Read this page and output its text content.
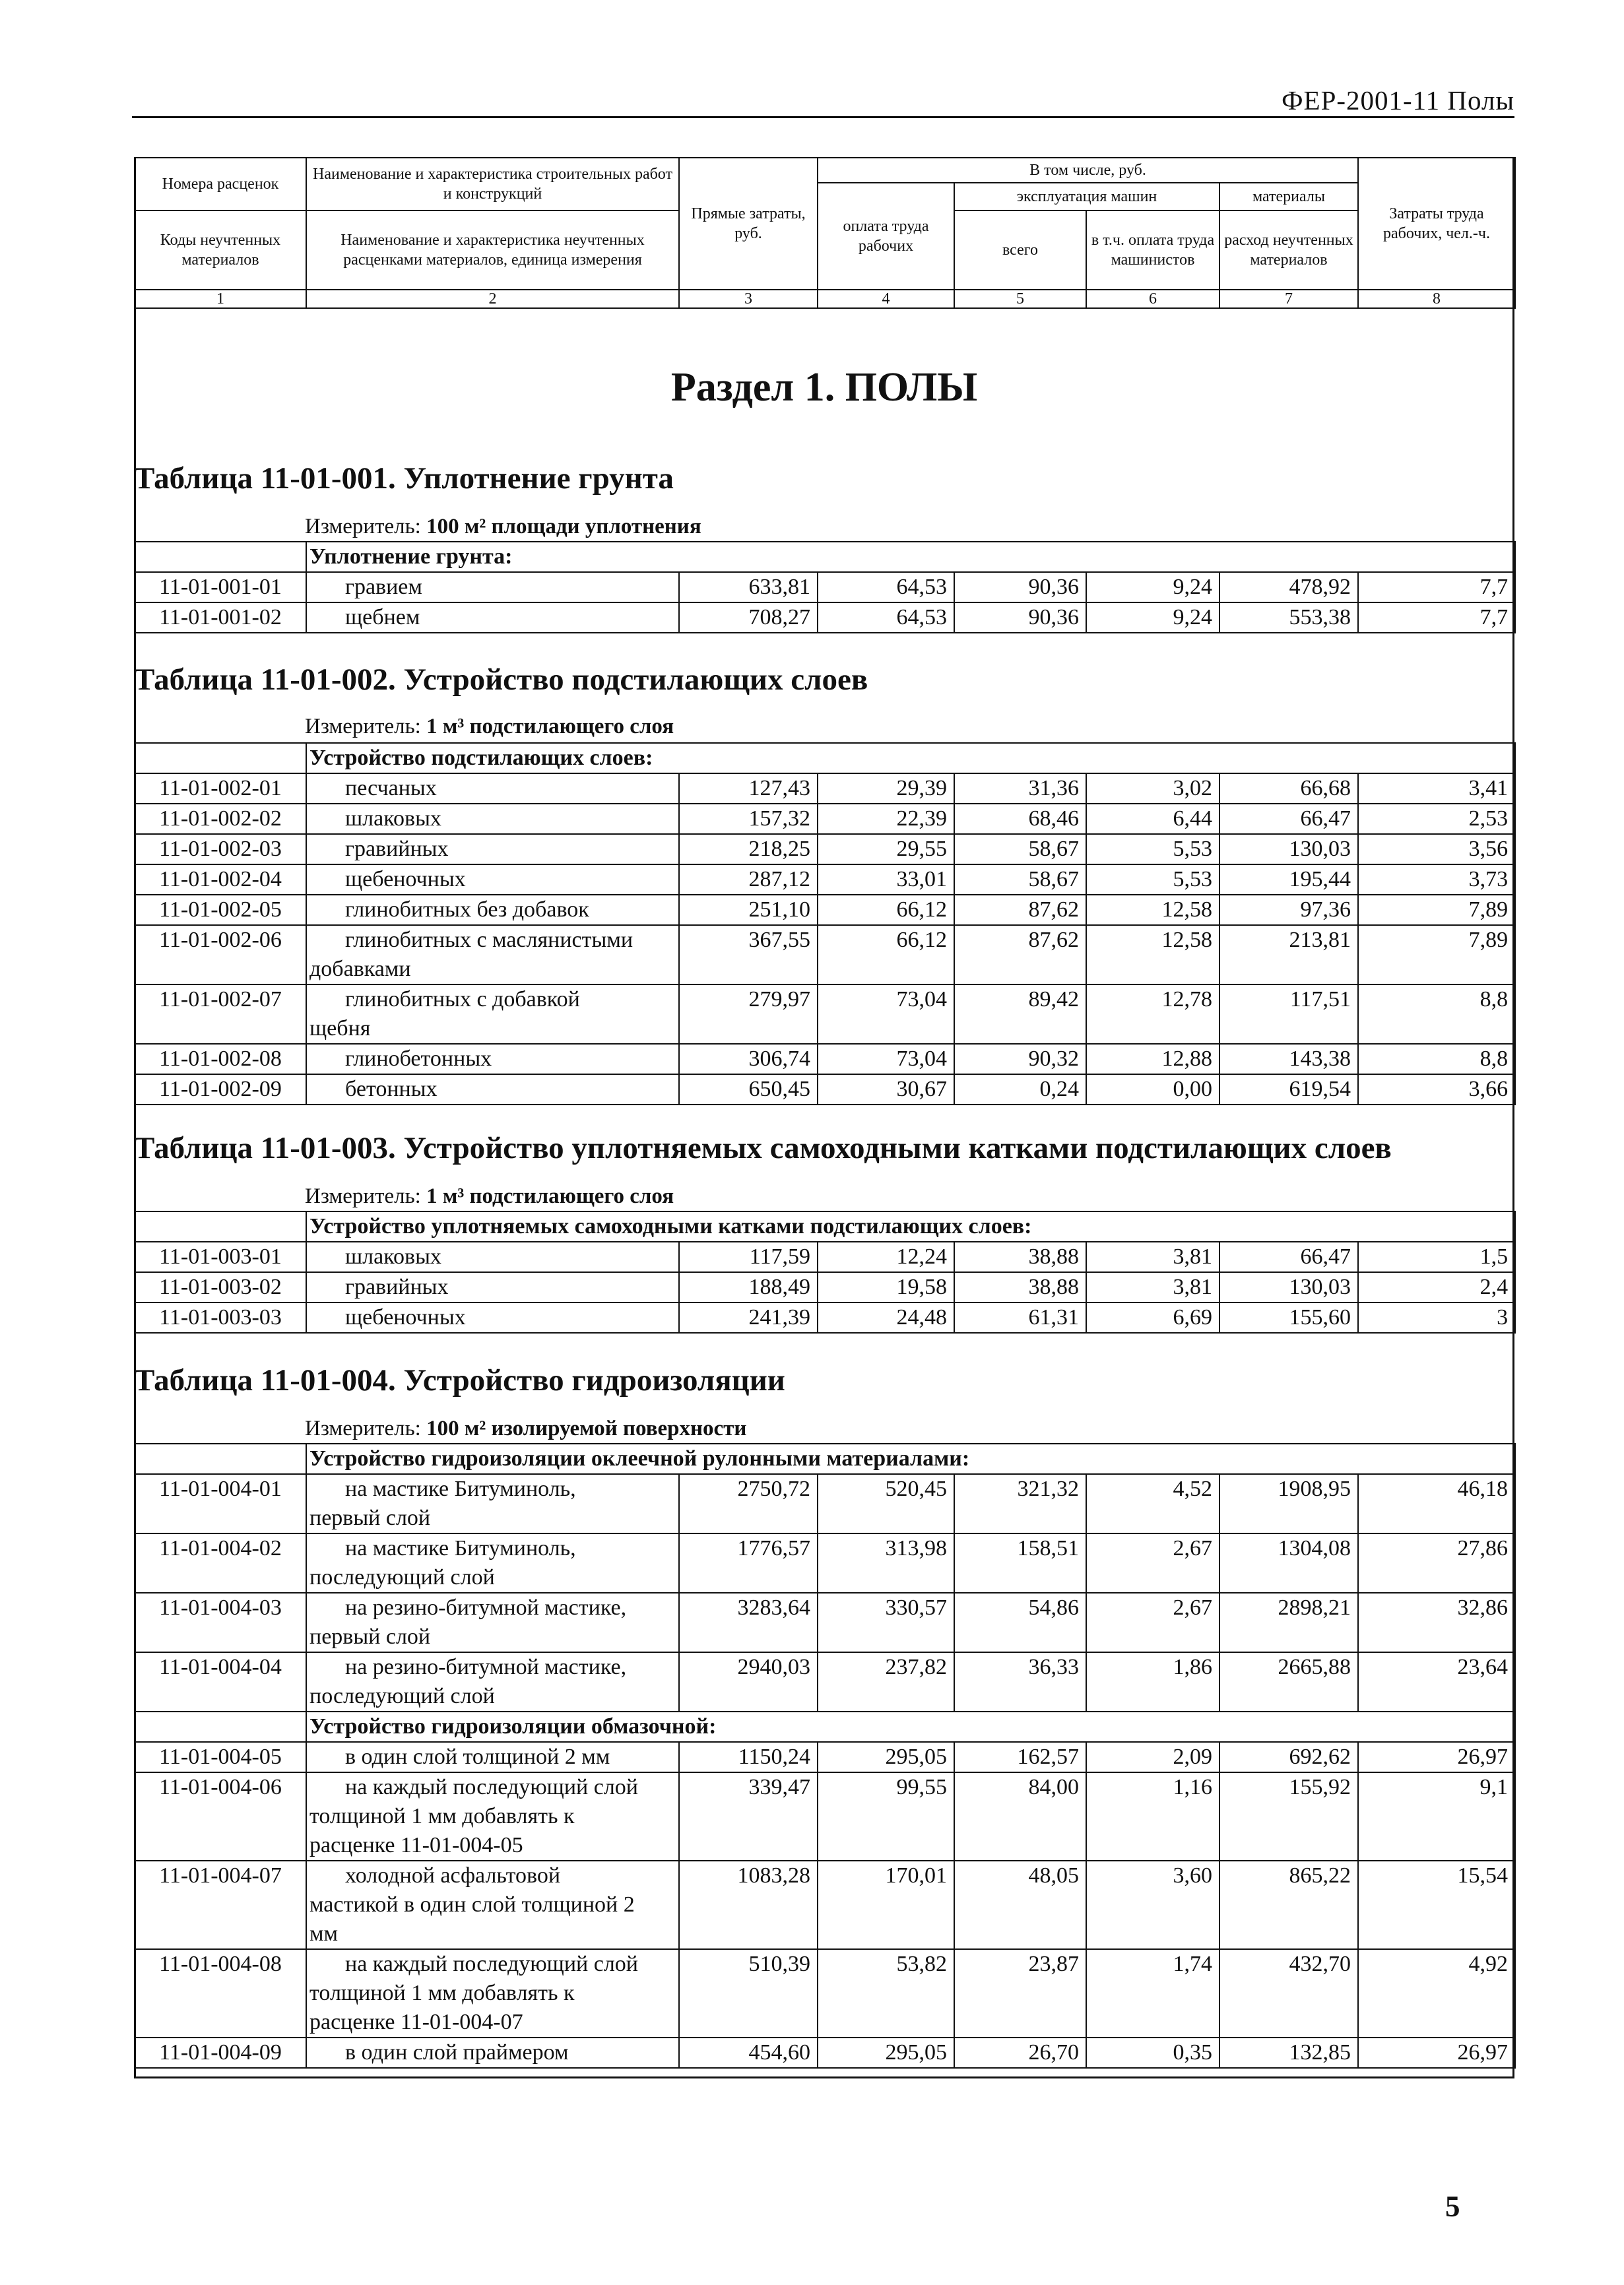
ФЕР-2001-11 Полы
Номера расценок	Наименование и характеристика строительных работ и конструкций	Прямые затраты, руб.	В том числе, руб.				Затраты труда рабочих, чел.-ч.
			оплата труда рабочих	эксплуатация машин		материалы	
Коды неучтенных материалов	Наименование и характеристика неучтенных расценками материалов, единица измерения			всего	в т.ч. оплата труда машинистов	расход неучтенных материалов	

1	2	3	4	5	6	7	8
Раздел 1. ПОЛЫ
Таблица 11-01-001. Уплотнение грунта
Измеритель: 100 м² площади уплотнения
	Уплотнение грунта:						
11-01-001-01	гравием	633,81	64,53	90,36	9,24	478,92	7,7
11-01-001-02	щебнем	708,27	64,53	90,36	9,24	553,38	7,7
Таблица 11-01-002. Устройство подстилающих слоев
Измеритель: 1 м³ подстилающего слоя
	Устройство подстилающих слоев:						
11-01-002-01	песчаных	127,43	29,39	31,36	3,02	66,68	3,41
11-01-002-02	шлаковых	157,32	22,39	68,46	6,44	66,47	2,53
11-01-002-03	гравийных	218,25	29,55	58,67	5,53	130,03	3,56
11-01-002-04	щебеночных	287,12	33,01	58,67	5,53	195,44	3,73
11-01-002-05	глинобитных без добавок	251,10	66,12	87,62	12,58	97,36	7,89
11-01-002-06	глинобитных с маслянистыми
добавками	367,55	66,12	87,62	12,58	213,81	7,89
11-01-002-07	глинобитных с добавкой
щебня	279,97	73,04	89,42	12,78	117,51	8,8
11-01-002-08	глинобетонных	306,74	73,04	90,32	12,88	143,38	8,8
11-01-002-09	бетонных	650,45	30,67	0,24	0,00	619,54	3,66
Таблица 11-01-003. Устройство уплотняемых самоходными катками подстилающих слоев
Измеритель: 1 м³ подстилающего слоя
	Устройство уплотняемых самоходными катками подстилающих слоев:						
11-01-003-01	шлаковых	117,59	12,24	38,88	3,81	66,47	1,5
11-01-003-02	гравийных	188,49	19,58	38,88	3,81	130,03	2,4
11-01-003-03	щебеночных	241,39	24,48	61,31	6,69	155,60	3
Таблица 11-01-004. Устройство гидроизоляции
Измеритель: 100 м² изолируемой поверхности
	Устройство гидроизоляции оклеечной рулонными материалами:						
11-01-004-01	на мастике Битуминоль,
первый слой	2750,72	520,45	321,32	4,52	1908,95	46,18
11-01-004-02	на мастике Битуминоль,
последующий слой	1776,57	313,98	158,51	2,67	1304,08	27,86
11-01-004-03	на резино-битумной мастике,
первый слой	3283,64	330,57	54,86	2,67	2898,21	32,86
11-01-004-04	на резино-битумной мастике,
последующий слой	2940,03	237,82	36,33	1,86	2665,88	23,64
	Устройство гидроизоляции обмазочной:						
11-01-004-05	в один слой толщиной 2 мм	1150,24	295,05	162,57	2,09	692,62	26,97
11-01-004-06	на каждый последующий слой
толщиной 1 мм добавлять к
расценке 11-01-004-05	339,47	99,55	84,00	1,16	155,92	9,1
11-01-004-07	холодной асфальтовой
мастикой в один слой толщиной 2
мм	1083,28	170,01	48,05	3,60	865,22	15,54
11-01-004-08	на каждый последующий слой
толщиной 1 мм добавлять к
расценке 11-01-004-07	510,39	53,82	23,87	1,74	432,70	4,92
11-01-004-09	в один слой праймером	454,60	295,05	26,70	0,35	132,85	26,97
5
